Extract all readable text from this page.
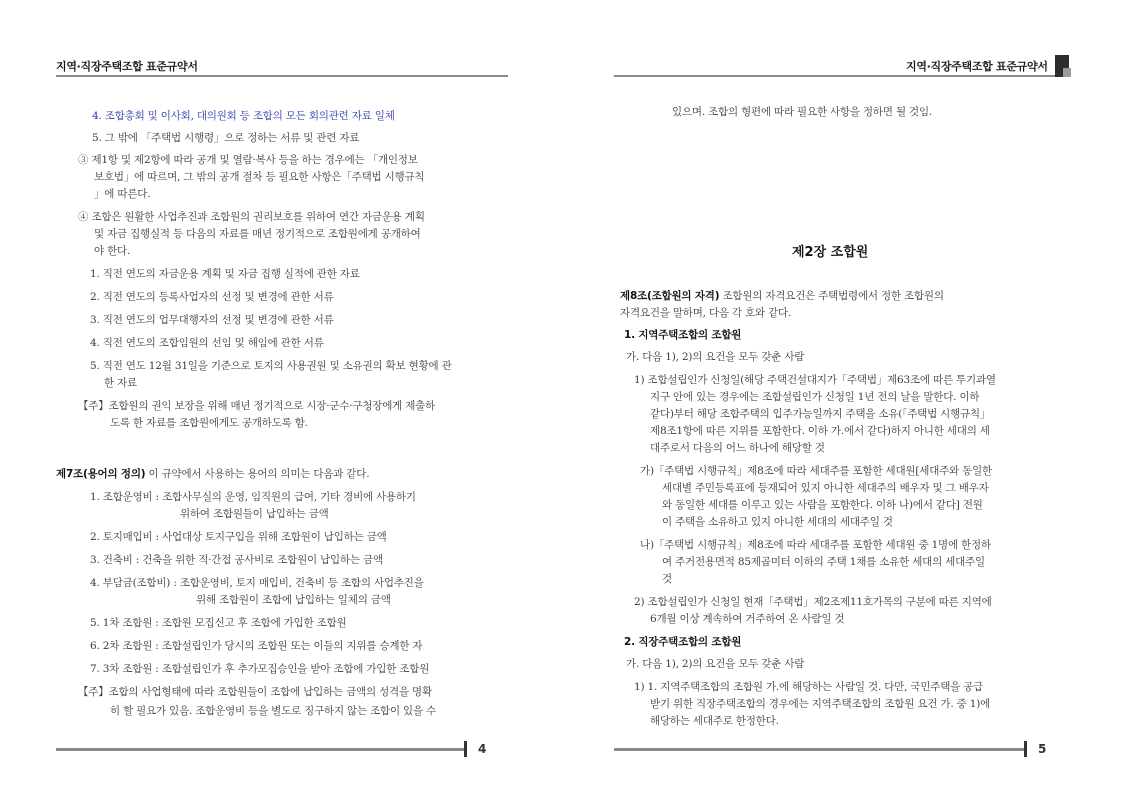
지역·직장주택조합 표준규약서
4. 조합총회 및 이사회, 대의원회 등 조합의 모든 회의관련 자료 일체
5. 그 밖에 「주택법 시행령」으로 정하는 서류 및 관련 자료
③ 제1항 및 제2항에 따라 공개 및 열람·복사 등을 하는 경우에는 「개인정보
보호법」에 따르며, 그 밖의 공개 절차 등 필요한 사항은「주택법 시행규칙
」에 따른다.
④ 조합은 원활한 사업추진과 조합원의 권리보호를 위하여 연간 자금운용 계획
및 자금 집행실적 등 다음의 자료를 매년 정기적으로 조합원에게 공개하여
야 한다.
1. 직전 연도의 자금운용 계획 및 자금 집행 실적에 관한 자료
2. 직전 연도의 등록사업자의 선정 및 변경에 관한 서류
3. 직전 연도의 업무대행자의 선정 및 변경에 관한 서류
4. 직전 연도의 조합임원의 선임 및 해임에 관한 서류
5. 직전 연도 12월 31일을 기준으로 토지의 사용권원 및 소유권의 확보 현황에 관
한 자료
【주】조합원의 권익 보장을 위해 매년 정기적으로 시장·군수·구청장에게 제출하
도록 한 자료를 조합원에게도 공개하도록 함.
제7조(용어의 정의) 이 규약에서 사용하는 용어의 의미는 다음과 같다.
1. 조합운영비 : 조합사무실의 운영, 임직원의 급여, 기타 경비에 사용하기
위하여 조합원들이 납입하는 금액
2. 토지매입비 : 사업대상 토지구입을 위해 조합원이 납입하는 금액
3. 건축비 : 건축을 위한 직·간접 공사비로 조합원이 납입하는 금액
4. 부담금(조합비) : 조합운영비, 토지 매입비, 건축비 등 조합의 사업추진을
위해 조합원이 조합에 납입하는 일체의 금액
5. 1차 조합원 : 조합원 모집신고 후 조합에 가입한 조합원
6. 2차 조합원 : 조합설립인가 당시의 조합원 또는 이들의 지위를 승계한 자
7. 3차 조합원 : 조합설립인가 후 추가모집승인을 받아 조합에 가입한 조합원
【주】조합의 사업형태에 따라 조합원들이 조합에 납입하는 금액의 성격을 명확
히 할 필요가 있음. 조합운영비 등을 별도로 징구하지 않는 조합이 있을 수
4
지역·직장주택조합 표준규약서
있으며. 조합의 형편에 따라 필요한 사항을 정하면 될 것임.
제2장 조합원
제8조(조합원의 자격) 조합원의 자격요건은 주택법령에서 정한 조합원의
자격요건을 말하며, 다음 각 호와 같다.
1. 지역주택조합의 조합원
가. 다음 1), 2)의 요건을 모두 갖춘 사람
1) 조합설립인가 신청일(해당 주택건설대지가「주택법」제63조에 따른 투기과열
지구 안에 있는 경우에는 조합설립인가 신청일 1년 전의 날을 말한다. 이하
같다)부터 해당 조합주택의 입주가능일까지 주택을 소유(「주택법 시행규칙」
제8조1항에 따른 지위를 포함한다. 이하 가.에서 같다)하지 아니한 세대의 세
대주로서 다음의 어느 하나에 해당할 것
가)「주택법 시행규칙」제8조에 따라 세대주를 포함한 세대원[세대주와 동일한
세대별 주민등록표에 등재되어 있지 아니한 세대주의 배우자 및 그 배우자
와 동일한 세대를 이루고 있는 사람을 포함한다. 이하 나)에서 같다] 전원
이 주택을 소유하고 있지 아니한 세대의 세대주일 것
나)「주택법 시행규칙」제8조에 따라 세대주를 포함한 세대원 중 1명에 한정하
여 주거전용면적 85제곱미터 이하의 주택 1채를 소유한 세대의 세대주일
것
2) 조합설립인가 신청일 현재「주택법」제2조제11호가목의 구분에 따른 지역에
6개월 이상 계속하여 거주하여 온 사람일 것
2. 직장주택조합의 조합원
가. 다음 1), 2)의 요건을 모두 갖춘 사람
1) 1. 지역주택조합의 조합원 가.에 해당하는 사람일 것. 다만, 국민주택을 공급
받기 위한 직장주택조합의 경우에는 지역주택조합의 조합원 요건 가. 중 1)에
해당하는 세대주로 한정한다.
5
